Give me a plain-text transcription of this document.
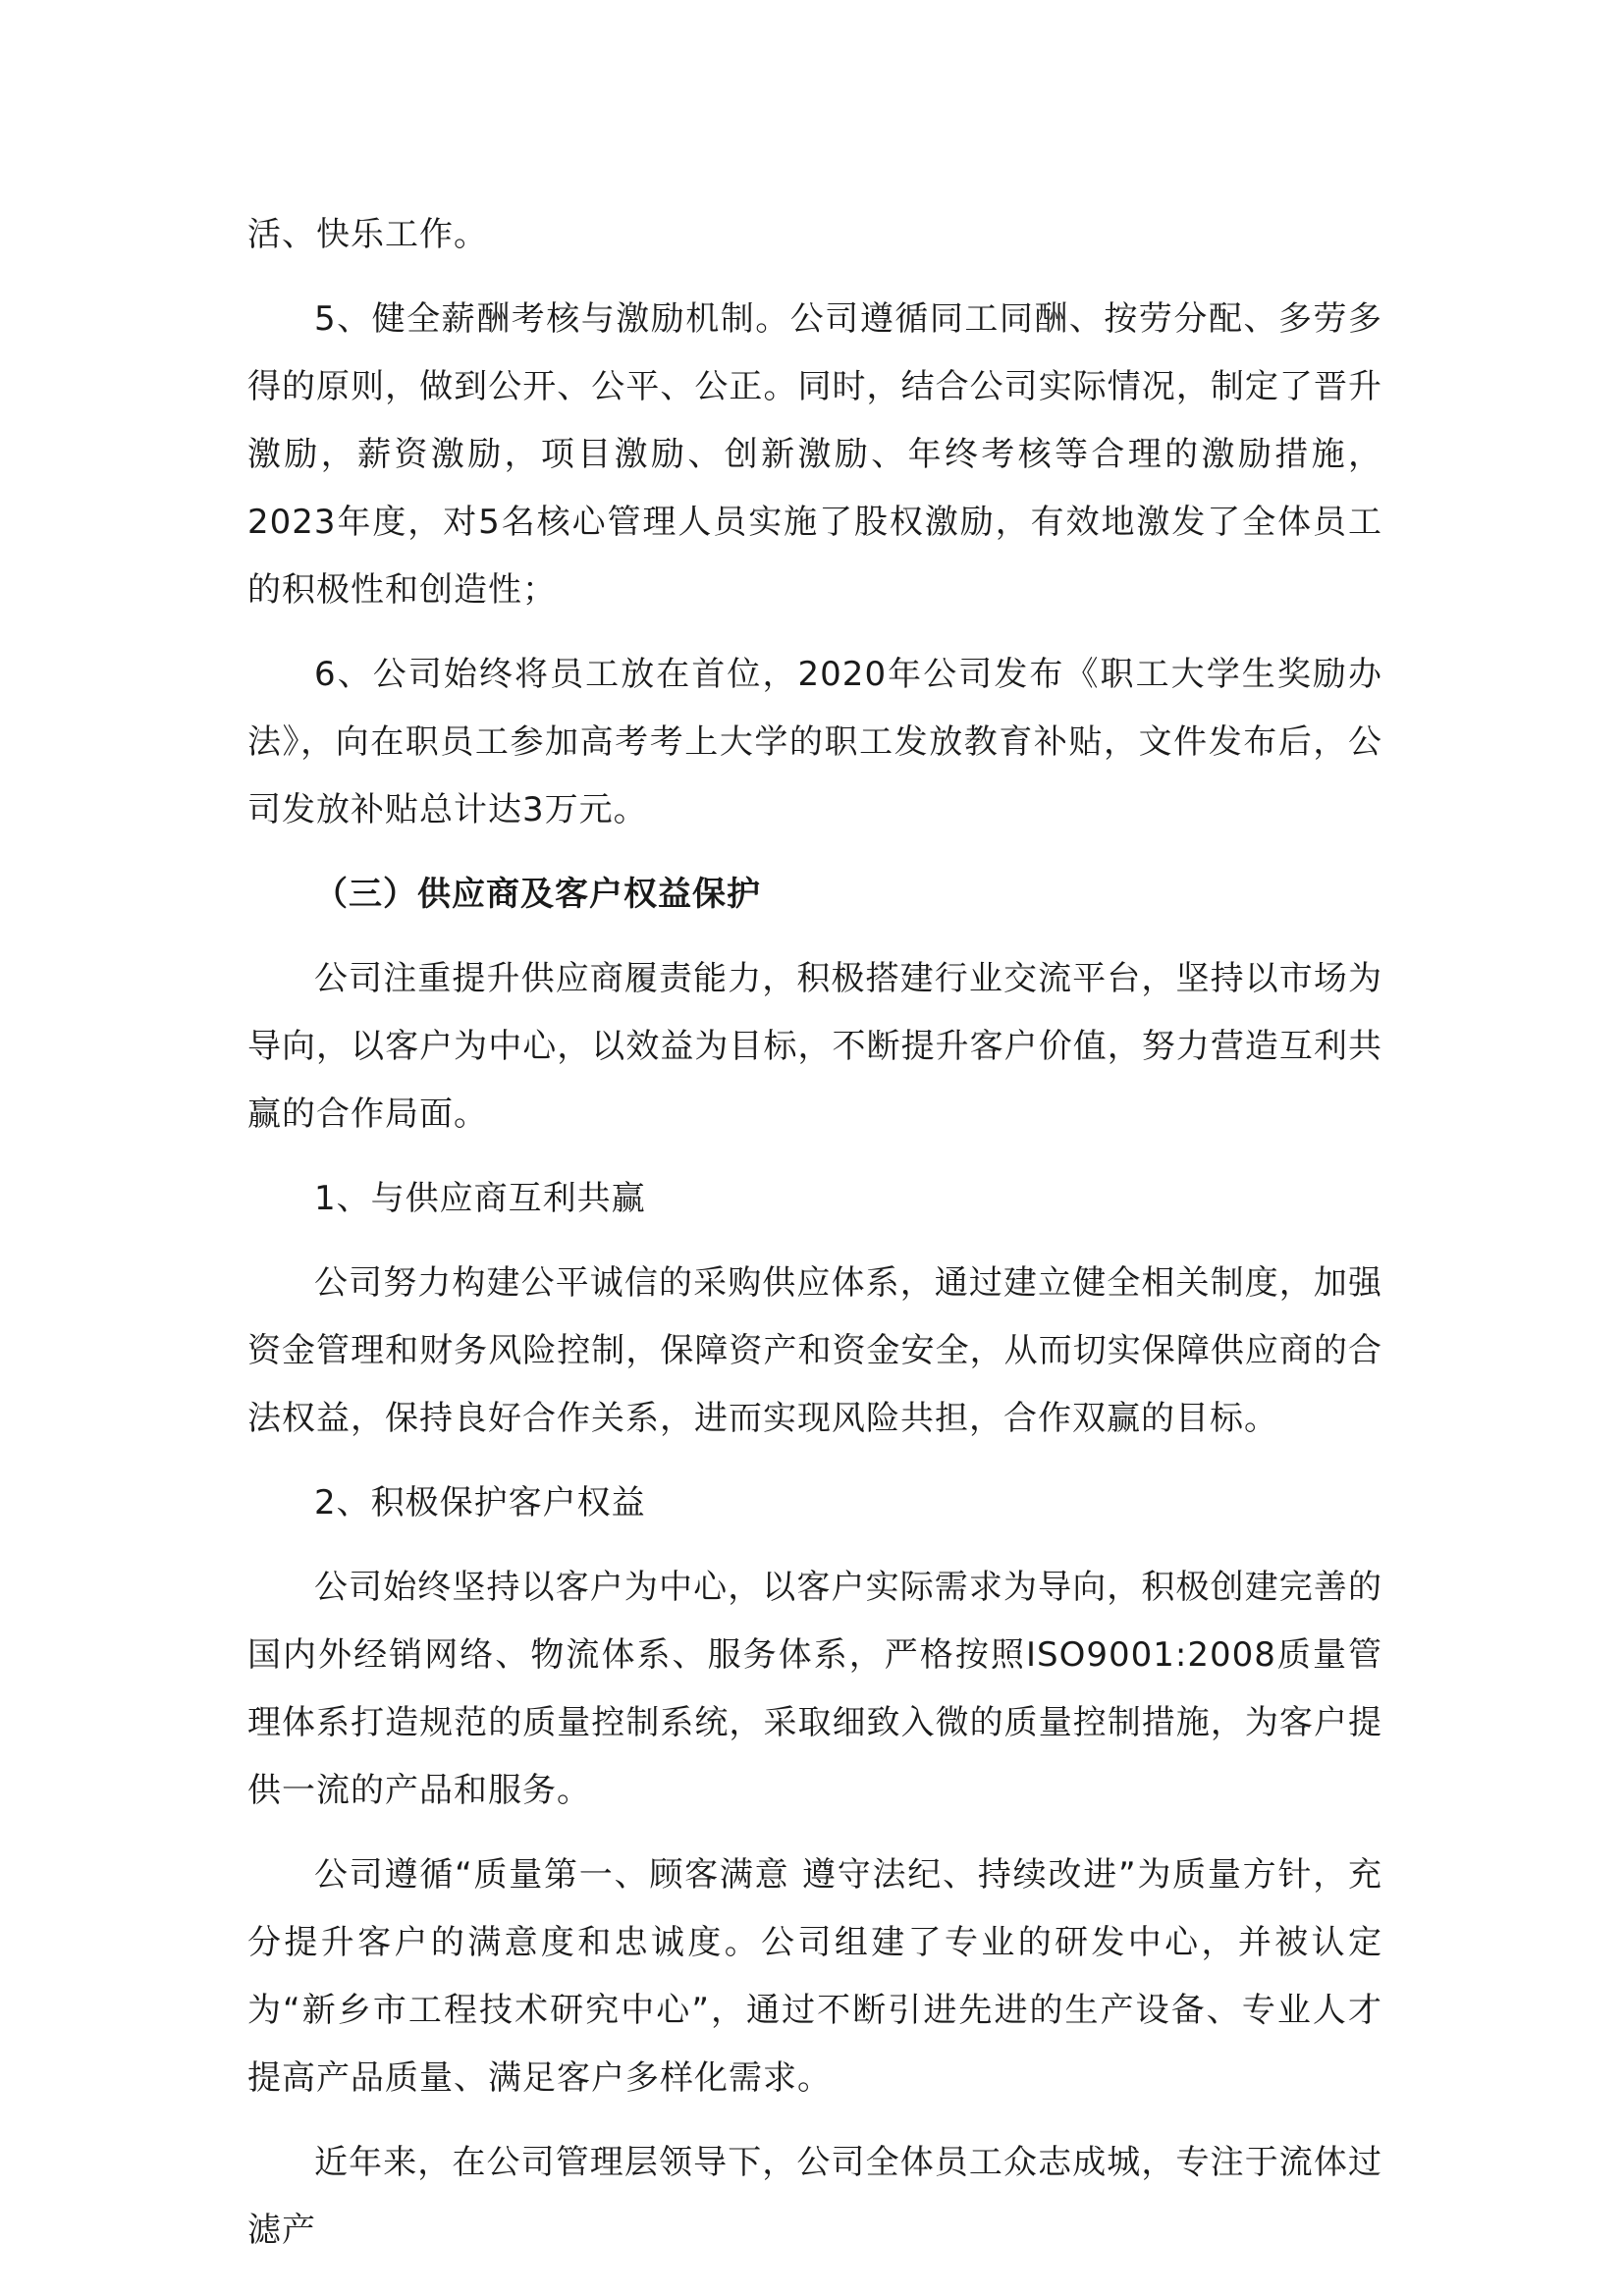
活、快乐工作。

5、健全薪酬考核与激励机制。公司遵循同工同酬、按劳分配、多劳多得的原则，做到公开、公平、公正。同时，结合公司实际情况，制定了晋升激励，薪资激励，项目激励、创新激励、年终考核等合理的激励措施，2023年度，对5名核心管理人员实施了股权激励，有效地激发了全体员工的积极性和创造性；

6、公司始终将员工放在首位，2020年公司发布《职工大学生奖励办法》，向在职员工参加高考考上大学的职工发放教育补贴，文件发布后，公司发放补贴总计达3万元。

（三）供应商及客户权益保护

公司注重提升供应商履责能力，积极搭建行业交流平台，坚持以市场为导向，以客户为中心，以效益为目标，不断提升客户价值，努力营造互利共赢的合作局面。

1、与供应商互利共赢

公司努力构建公平诚信的采购供应体系，通过建立健全相关制度，加强资金管理和财务风险控制，保障资产和资金安全，从而切实保障供应商的合法权益，保持良好合作关系，进而实现风险共担，合作双赢的目标。

2、积极保护客户权益

公司始终坚持以客户为中心，以客户实际需求为导向，积极创建完善的国内外经销网络、物流体系、服务体系，严格按照ISO9001:2008质量管理体系打造规范的质量控制系统，采取细致入微的质量控制措施，为客户提供一流的产品和服务。

公司遵循“质量第一、顾客满意 遵守法纪、持续改进”为质量方针，充分提升客户的满意度和忠诚度。公司组建了专业的研发中心，并被认定为“新乡市工程技术研究中心”，通过不断引进先进的生产设备、专业人才提高产品质量、满足客户多样化需求。

近年来，在公司管理层领导下，公司全体员工众志成城，专注于流体过滤产
